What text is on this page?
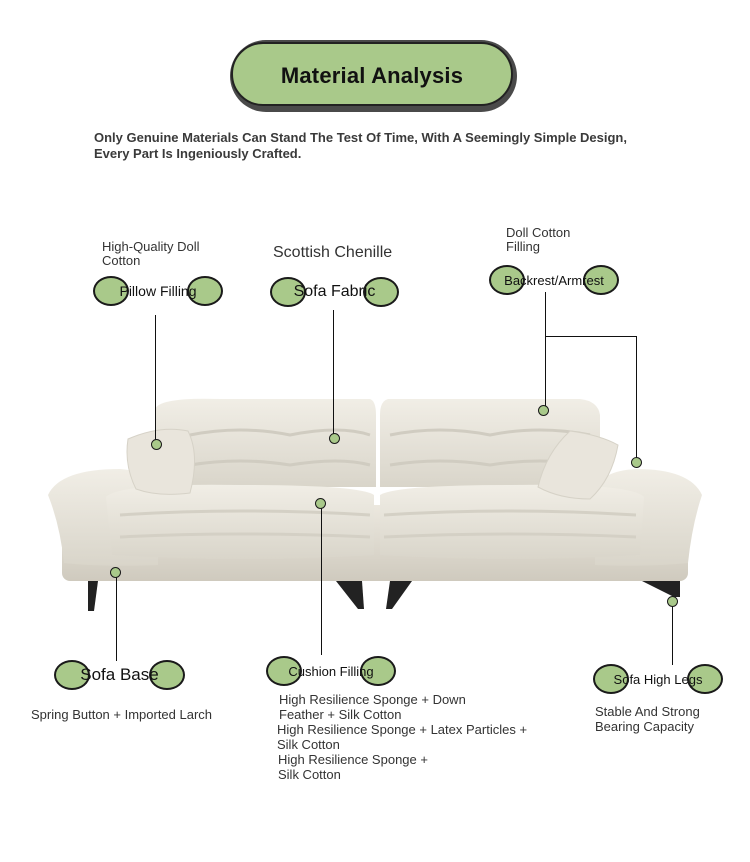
Material Analysis
Only Genuine Materials Can Stand The Test Of Time, With A Seemingly Simple Design,
Every Part Is Ingeniously Crafted.
High-Quality Doll
Cotton
Pillow Filling
Scottish Chenille
Sofa Fabric
Doll Cotton
Filling
Backrest/Armrest
Sofa Base
Spring Button + Imported Larch
Cushion Filling
High Resilience Sponge + Down
Feather + Silk Cotton
High Resilience Sponge + Latex Particles +
Silk Cotton
High Resilience Sponge +
Silk Cotton
Sofa High Legs
Stable And Strong
Bearing Capacity
